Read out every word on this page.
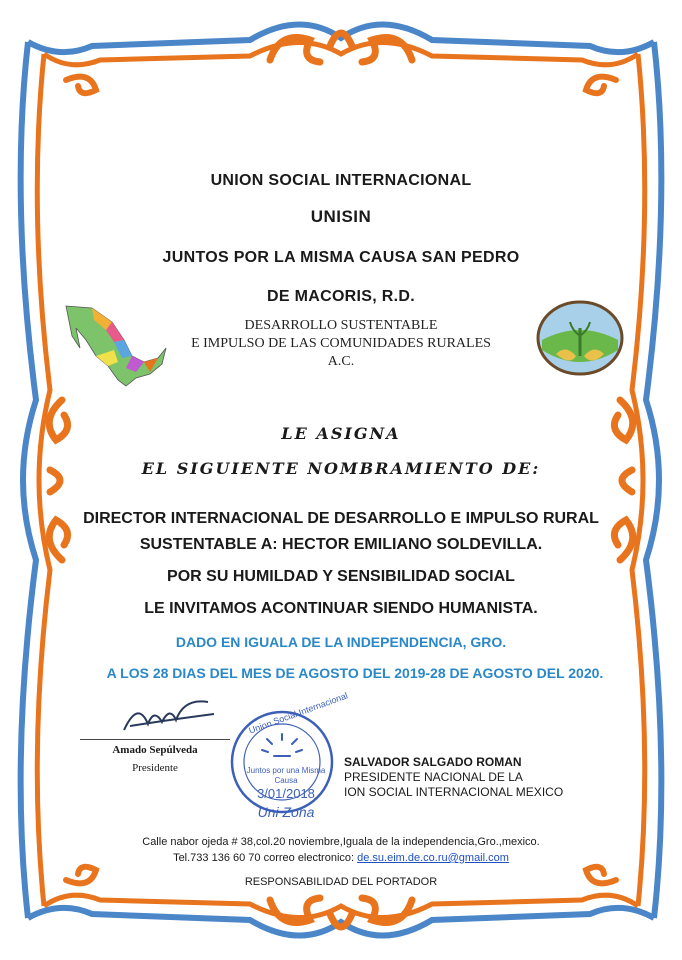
UNION SOCIAL INTERNACIONAL
UNISIN
JUNTOS POR LA MISMA CAUSA SAN PEDRO
DE MACORIS, R.D.
DESARROLLO SUSTENTABLE
E IMPULSO DE LAS COMUNIDADES RURALES
A.C.
LE ASIGNA
EL SIGUIENTE NOMBRAMIENTO DE:
DIRECTOR INTERNACIONAL DE DESARROLLO E IMPULSO RURAL
SUSTENTABLE A: HECTOR EMILIANO SOLDEVILLA.
POR SU HUMILDAD Y SENSIBILIDAD SOCIAL
LE INVITAMOS ACONTINUAR SIENDO HUMANISTA.
DADO EN IGUALA DE LA INDEPENDENCIA, GRO.
A LOS 28 DIAS DEL MES DE AGOSTO DEL 2019-28 DE AGOSTO DEL 2020.
Amado Sepúlveda
Presidente
Union Social Internacional
Juntos por una Misma
Causa
3/01/2018
Uni Zona
SALVADOR SALGADO ROMAN
PRESIDENTE NACIONAL DE LA
ION SOCIAL INTERNACIONAL MEXICO
Calle nabor ojeda # 38,col.20 noviembre,Iguala de la independencia,Gro.,mexico.
Tel.733 136 60 70 correo electronico: de.su.eim.de.co.ru@gmail.com
RESPONSABILIDAD DEL PORTADOR
